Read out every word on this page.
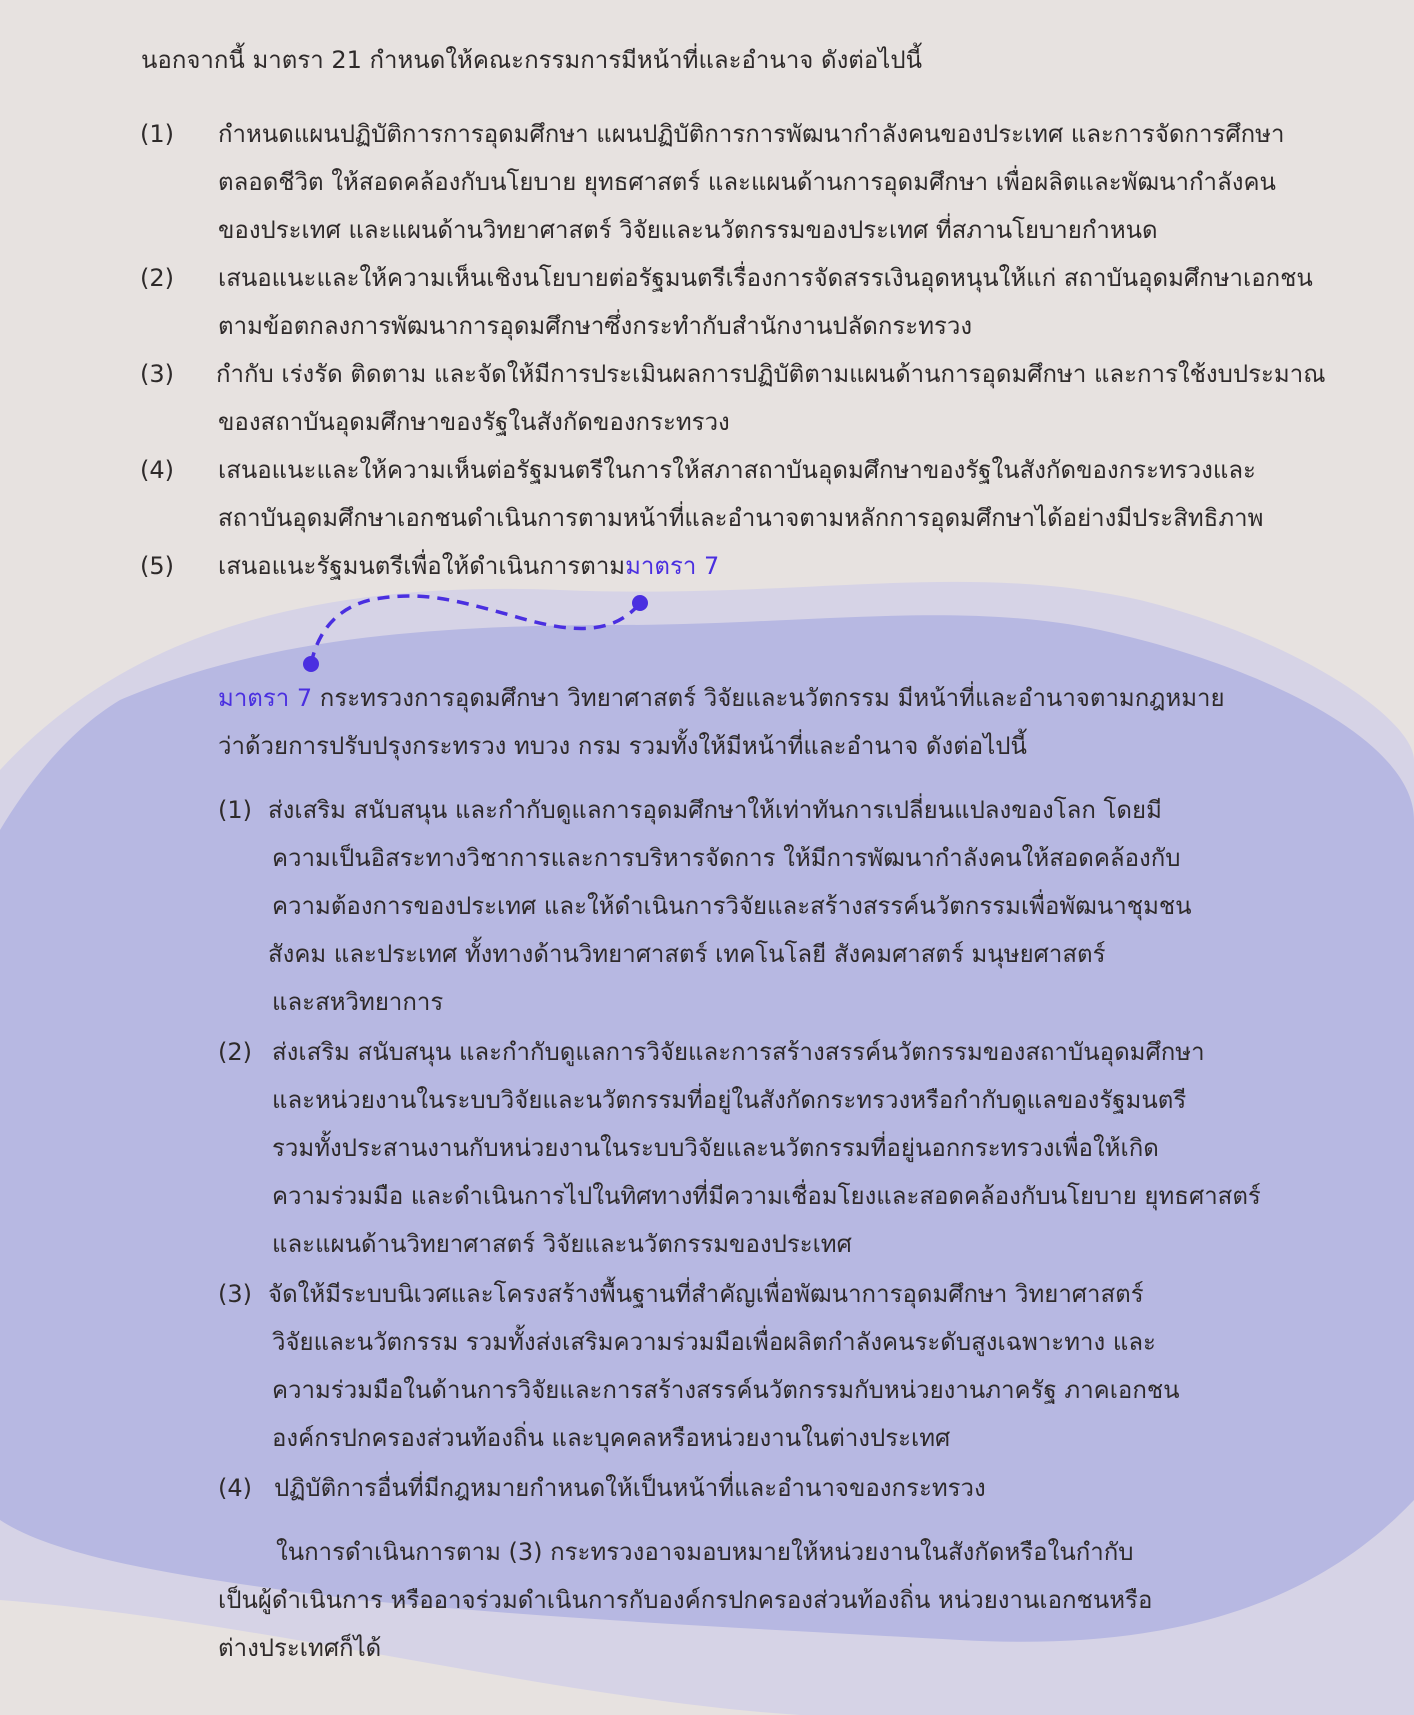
นอกจากนี้ มาตรา 21 กำหนดให้คณะกรรมการมีหน้าที่และอำนาจ ดังต่อไปนี้
(1) กำหนดแผนปฏิบัติการการอุดมศึกษา แผนปฏิบัติการการพัฒนากำลังคนของประเทศ และการจัดการศึกษา
ตลอดชีวิต ให้สอดคล้องกับนโยบาย ยุทธศาสตร์ และแผนด้านการอุดมศึกษา เพื่อผลิตและพัฒนากำลังคน
ของประเทศ และแผนด้านวิทยาศาสตร์ วิจัยและนวัตกรรมของประเทศ ที่สภานโยบายกำหนด
(2) เสนอแนะและให้ความเห็นเชิงนโยบายต่อรัฐมนตรีเรื่องการจัดสรรเงินอุดหนุนให้แก่ สถาบันอุดมศึกษาเอกชน
ตามข้อตกลงการพัฒนาการอุดมศึกษาซึ่งกระทำกับสำนักงานปลัดกระทรวง
(3) กำกับ เร่งรัด ติดตาม และจัดให้มีการประเมินผลการปฏิบัติตามแผนด้านการอุดมศึกษา และการใช้งบประมาณ
ของสถาบันอุดมศึกษาของรัฐในสังกัดของกระทรวง
(4) เสนอแนะและให้ความเห็นต่อรัฐมนตรีในการให้สภาสถาบันอุดมศึกษาของรัฐในสังกัดของกระทรวงและ
สถาบันอุดมศึกษาเอกชนดำเนินการตามหน้าที่และอำนาจตามหลักการอุดมศึกษาได้อย่างมีประสิทธิภาพ
(5) เสนอแนะรัฐมนตรีเพื่อให้ดำเนินการตามมาตรา 7
มาตรา 7 กระทรวงการอุดมศึกษา วิทยาศาสตร์ วิจัยและนวัตกรรม มีหน้าที่และอำนาจตามกฎหมาย
ว่าด้วยการปรับปรุงกระทรวง ทบวง กรม รวมทั้งให้มีหน้าที่และอำนาจ ดังต่อไปนี้
(1) ส่งเสริม สนับสนุน และกำกับดูแลการอุดมศึกษาให้เท่าทันการเปลี่ยนแปลงของโลก โดยมี
ความเป็นอิสระทางวิชาการและการบริหารจัดการ ให้มีการพัฒนากำลังคนให้สอดคล้องกับ
ความต้องการของประเทศ และให้ดำเนินการวิจัยและสร้างสรรค์นวัตกรรมเพื่อพัฒนาชุมชน
สังคม และประเทศ ทั้งทางด้านวิทยาศาสตร์ เทคโนโลยี สังคมศาสตร์ มนุษยศาสตร์
และสหวิทยาการ
(2) ส่งเสริม สนับสนุน และกำกับดูแลการวิจัยและการสร้างสรรค์นวัตกรรมของสถาบันอุดมศึกษา
และหน่วยงานในระบบวิจัยและนวัตกรรมที่อยู่ในสังกัดกระทรวงหรือกำกับดูแลของรัฐมนตรี
รวมทั้งประสานงานกับหน่วยงานในระบบวิจัยและนวัตกรรมที่อยู่นอกกระทรวงเพื่อให้เกิด
ความร่วมมือ และดำเนินการไปในทิศทางที่มีความเชื่อมโยงและสอดคล้องกับนโยบาย ยุทธศาสตร์
และแผนด้านวิทยาศาสตร์ วิจัยและนวัตกรรมของประเทศ
(3) จัดให้มีระบบนิเวศและโครงสร้างพื้นฐานที่สำคัญเพื่อพัฒนาการอุดมศึกษา วิทยาศาสตร์
วิจัยและนวัตกรรม รวมทั้งส่งเสริมความร่วมมือเพื่อผลิตกำลังคนระดับสูงเฉพาะทาง และ
ความร่วมมือในด้านการวิจัยและการสร้างสรรค์นวัตกรรมกับหน่วยงานภาครัฐ ภาคเอกชน
องค์กรปกครองส่วนท้องถิ่น และบุคคลหรือหน่วยงานในต่างประเทศ
(4) ปฏิบัติการอื่นที่มีกฎหมายกำหนดให้เป็นหน้าที่และอำนาจของกระทรวง
ในการดำเนินการตาม (3) กระทรวงอาจมอบหมายให้หน่วยงานในสังกัดหรือในกำกับ
เป็นผู้ดำเนินการ หรืออาจร่วมดำเนินการกับองค์กรปกครองส่วนท้องถิ่น หน่วยงานเอกชนหรือ
ต่างประเทศก็ได้
